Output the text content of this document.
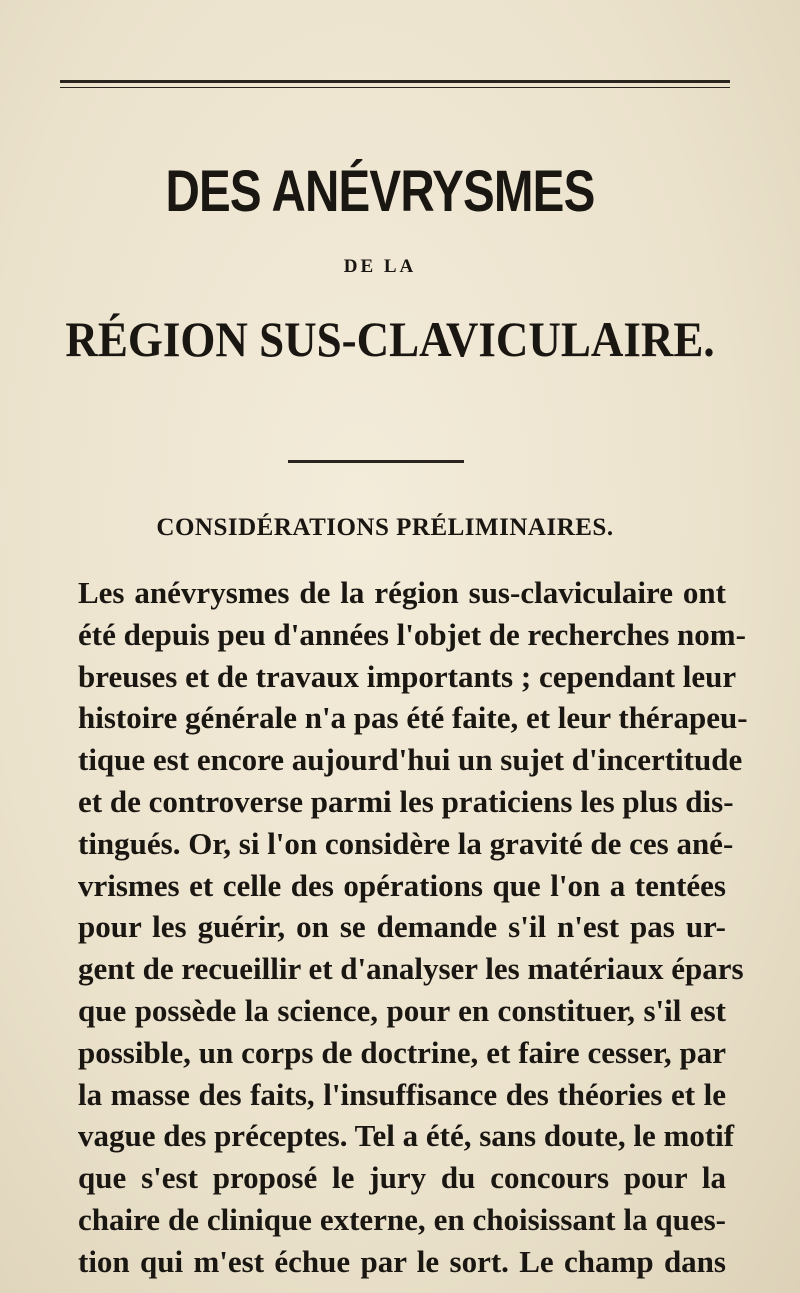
DES ANÉVRYSMES
DE LA
RÉGION SUS-CLAVICULAIRE.
CONSIDÉRATIONS PRÉLIMINAIRES.
Les anévrysmes de la région sus-claviculaire ont
été depuis peu d'années l'objet de recherches nom-
breuses et de travaux importants ; cependant leur
histoire générale n'a pas été faite, et leur thérapeu-
tique est encore aujourd'hui un sujet d'incertitude
et de controverse parmi les praticiens les plus dis-
tingués. Or, si l'on considère la gravité de ces ané-
vrismes et celle des opérations que l'on a tentées
pour les guérir, on se demande s'il n'est pas ur-
gent de recueillir et d'analyser les matériaux épars
que possède la science, pour en constituer, s'il est
possible, un corps de doctrine, et faire cesser, par
la masse des faits, l'insuffisance des théories et le
vague des préceptes. Tel a été, sans doute, le motif
que s'est proposé le jury du concours pour la
chaire de clinique externe, en choisissant la ques-
tion qui m'est échue par le sort. Le champ dans
